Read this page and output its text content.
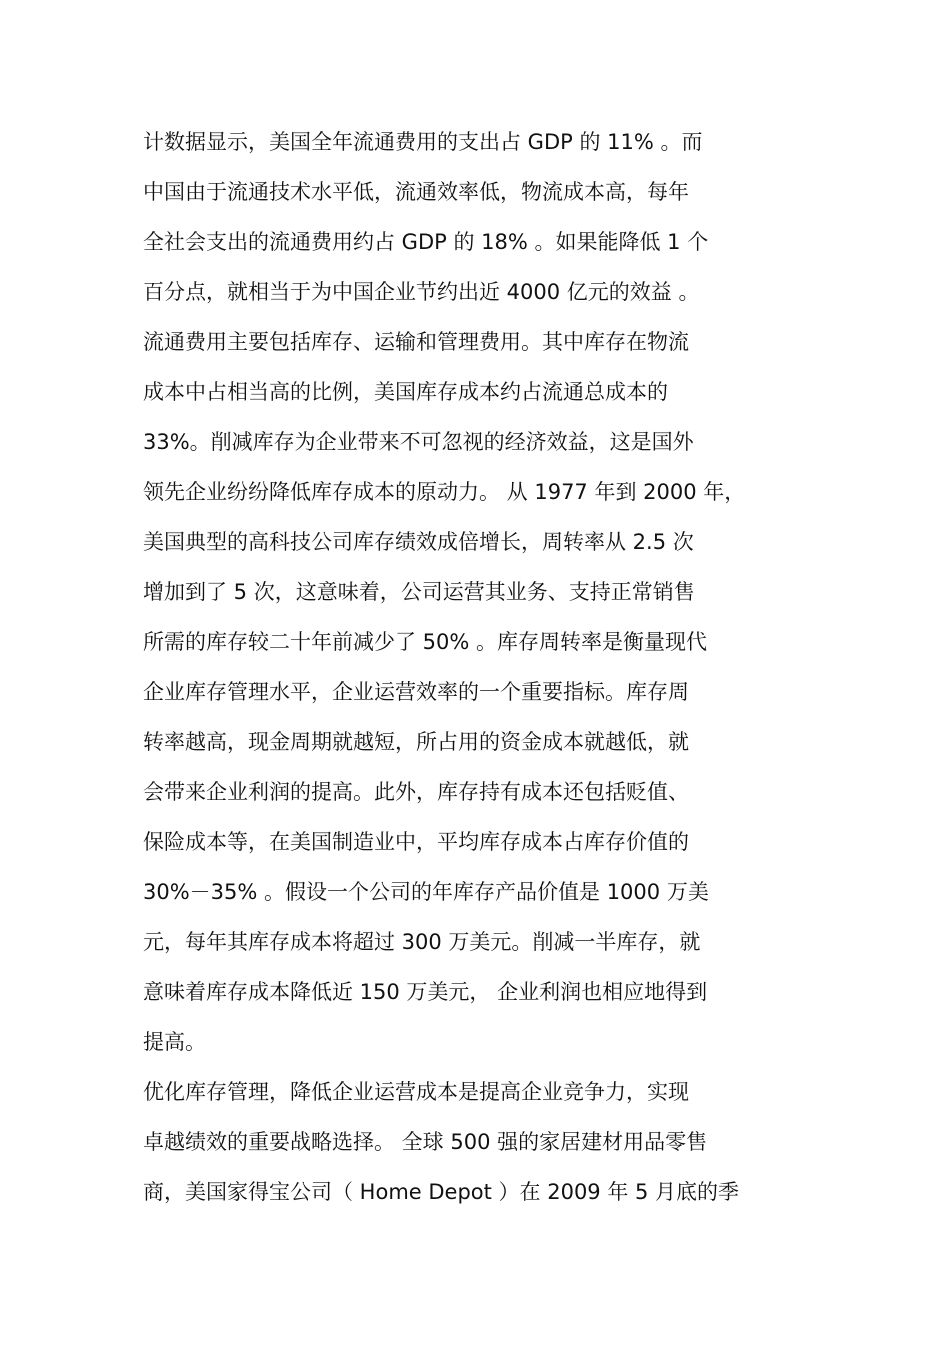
计数据显示，美国全年流通费用的支出占 GDP 的 11% 。而
中国由于流通技术水平低，流通效率低，物流成本高，每年
全社会支出的流通费用约占 GDP 的 18% 。如果能降低 1 个
百分点，就相当于为中国企业节约出近 4000 亿元的效益 。
流通费用主要包括库存、运输和管理费用。其中库存在物流
成本中占相当高的比例，美国库存成本约占流通总成本的
33%。削减库存为企业带来不可忽视的经济效益，这是国外
领先企业纷纷降低库存成本的原动力。 从 1977 年到 2000 年，
美国典型的高科技公司库存绩效成倍增长，周转率从 2.5 次
增加到了 5 次，这意味着，公司运营其业务、支持正常销售
所需的库存较二十年前减少了 50% 。库存周转率是衡量现代
企业库存管理水平，企业运营效率的一个重要指标。库存周
转率越高，现金周期就越短，所占用的资金成本就越低，就
会带来企业利润的提高。此外，库存持有成本还包括贬值、
保险成本等，在美国制造业中，平均库存成本占库存价值的
30%－35% 。假设一个公司的年库存产品价值是 1000 万美
元，每年其库存成本将超过 300 万美元。削减一半库存，就
意味着库存成本降低近 150 万美元， 企业利润也相应地得到
提高。
优化库存管理，降低企业运营成本是提高企业竞争力，实现
卓越绩效的重要战略选择。 全球 500 强的家居建材用品零售
商，美国家得宝公司（ Home Depot ）在 2009 年 5 月底的季
